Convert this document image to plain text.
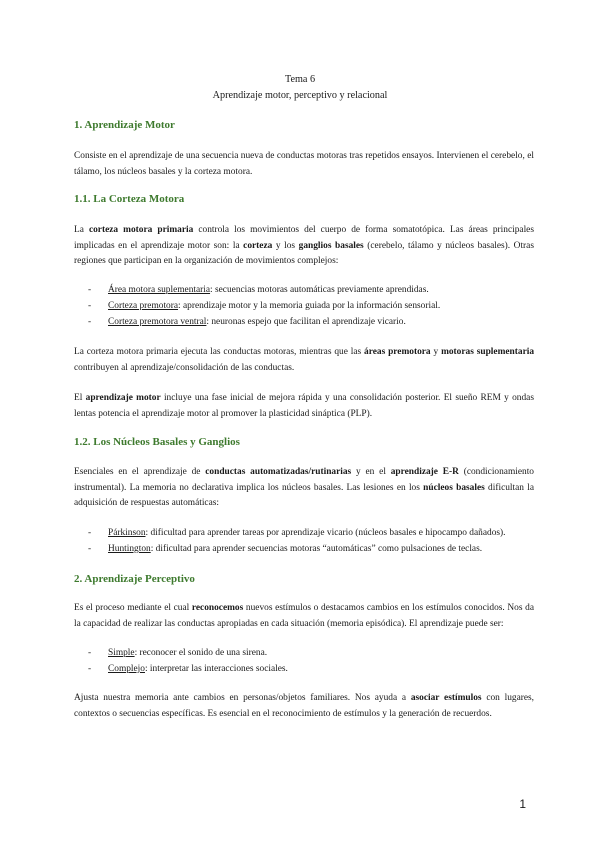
Tema 6
Aprendizaje motor, perceptivo y relacional
1. Aprendizaje Motor
Consiste en el aprendizaje de una secuencia nueva de conductas motoras tras repetidos ensayos. Intervienen el cerebelo, el tálamo, los núcleos basales y la corteza motora.
1.1. La Corteza Motora
La corteza motora primaria controla los movimientos del cuerpo de forma somatotópica. Las áreas principales implicadas en el aprendizaje motor son: la corteza y los ganglios basales (cerebelo, tálamo y núcleos basales). Otras regiones que participan en la organización de movimientos complejos:
- Área motora suplementaria: secuencias motoras automáticas previamente aprendidas.
- Corteza premotora: aprendizaje motor y la memoria guiada por la información sensorial.
- Corteza premotora ventral: neuronas espejo que facilitan el aprendizaje vicario.
La corteza motora primaria ejecuta las conductas motoras, mientras que las áreas premotora y motoras suplementaria contribuyen al aprendizaje/consolidación de las conductas.
El aprendizaje motor incluye una fase inicial de mejora rápida y una consolidación posterior. El sueño REM y ondas lentas potencia el aprendizaje motor al promover la plasticidad sináptica (PLP).
1.2. Los Núcleos Basales y Ganglios
Esenciales en el aprendizaje de conductas automatizadas/rutinarias y en el aprendizaje E-R (condicionamiento instrumental). La memoria no declarativa implica los núcleos basales. Las lesiones en los núcleos basales dificultan la adquisición de respuestas automáticas:
- Párkinson: dificultad para aprender tareas por aprendizaje vicario (núcleos basales e hipocampo dañados).
- Huntington: dificultad para aprender secuencias motoras “automáticas” como pulsaciones de teclas.
2. Aprendizaje Perceptivo
Es el proceso mediante el cual reconocemos nuevos estímulos o destacamos cambios en los estímulos conocidos. Nos da la capacidad de realizar las conductas apropiadas en cada situación (memoria episódica). El aprendizaje puede ser:
- Simple: reconocer el sonido de una sirena.
- Complejo: interpretar las interacciones sociales.
Ajusta nuestra memoria ante cambios en personas/objetos familiares. Nos ayuda a asociar estímulos con lugares, contextos o secuencias específicas. Es esencial en el reconocimiento de estímulos y la generación de recuerdos.
1
